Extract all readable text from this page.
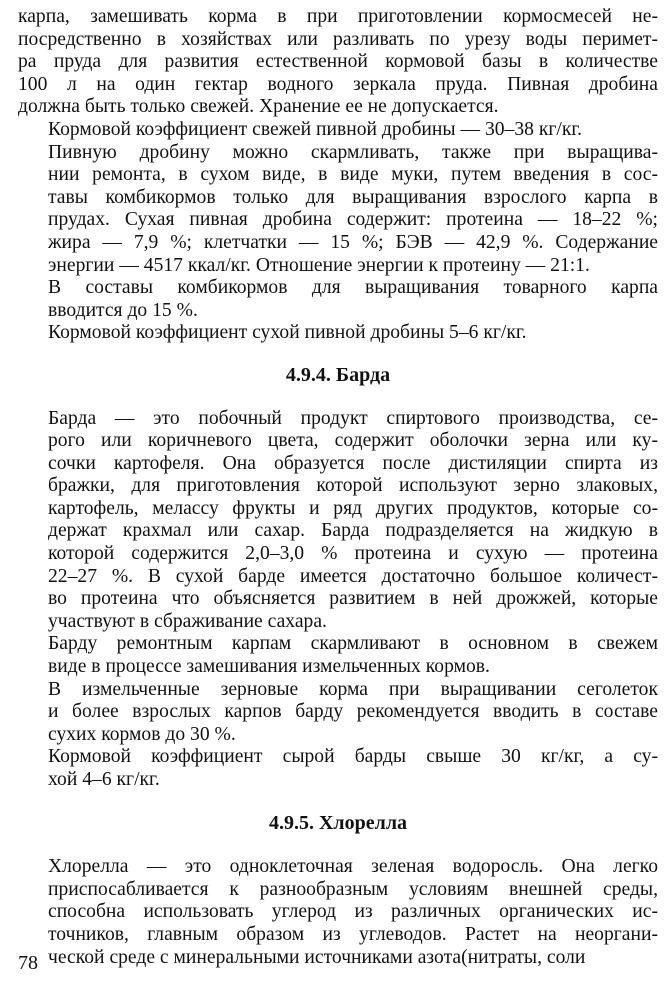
карпа, замешивать корма в при приготовлении кормосмесей не-
посредственно в хозяйствах или разливать по урезу воды перимет-
ра пруда для развития естественной кормовой базы в количестве
100 л на один гектар водного зеркала пруда. Пивная дробина
должна быть только свежей. Хранение ее не допускается.

Кормовой коэффициент свежей пивной дробины — 30–38 кг/кг.

Пивную дробину можно скармливать, также при выращива-
нии ремонта, в сухом виде, в виде муки, путем введения в сос-
тавы комбикормов только для выращивания взрослого карпа в
прудах. Сухая пивная дробина содержит: протеина — 18–22 %;
жира — 7,9 %; клетчатки — 15 %; БЭВ — 42,9 %. Содержание
энергии — 4517 ккал/кг. Отношение энергии к протеину — 21:1.

В составы комбикормов для выращивания товарного карпа
вводится до 15 %.

Кормовой коэффициент сухой пивной дробины 5–6 кг/кг.

4.9.4. Барда

Барда — это побочный продукт спиртового производства, се-
рого или коричневого цвета, содержит оболочки зерна или ку-
сочки картофеля. Она образуется после дистиляции спирта из
бражки, для приготовления которой используют зерно злаковых,
картофель, мелассу фрукты и ряд других продуктов, которые со-
держат крахмал или сахар. Барда подразделяется на жидкую в
которой содержится 2,0–3,0 % протеина и сухую — протеина
22–27 %. В сухой барде имеется достаточно большое количест-
во протеина что объясняется развитием в ней дрожжей, которые
участвуют в сбраживание сахара.

Барду ремонтным карпам скармливают в основном в свежем
виде в процессе замешивания измельченных кормов.

В измельченные зерновые корма при выращивании сеголеток
и более взрослых карпов барду рекомендуется вводить в составе
сухих кормов до 30 %.

Кормовой коэффициент сырой барды свыше 30 кг/кг, а су-
хой 4–6 кг/кг.

4.9.5. Хлорелла

Хлорелла — это одноклеточная зеленая водоросль. Она легко
приспосабливается к разнообразным условиям внешней среды,
способна использовать углерод из различных органических ис-
точников, главным образом из углеводов. Растет на неоргани-
ческой среде с минеральными источниками азота(нитраты, соли

78
